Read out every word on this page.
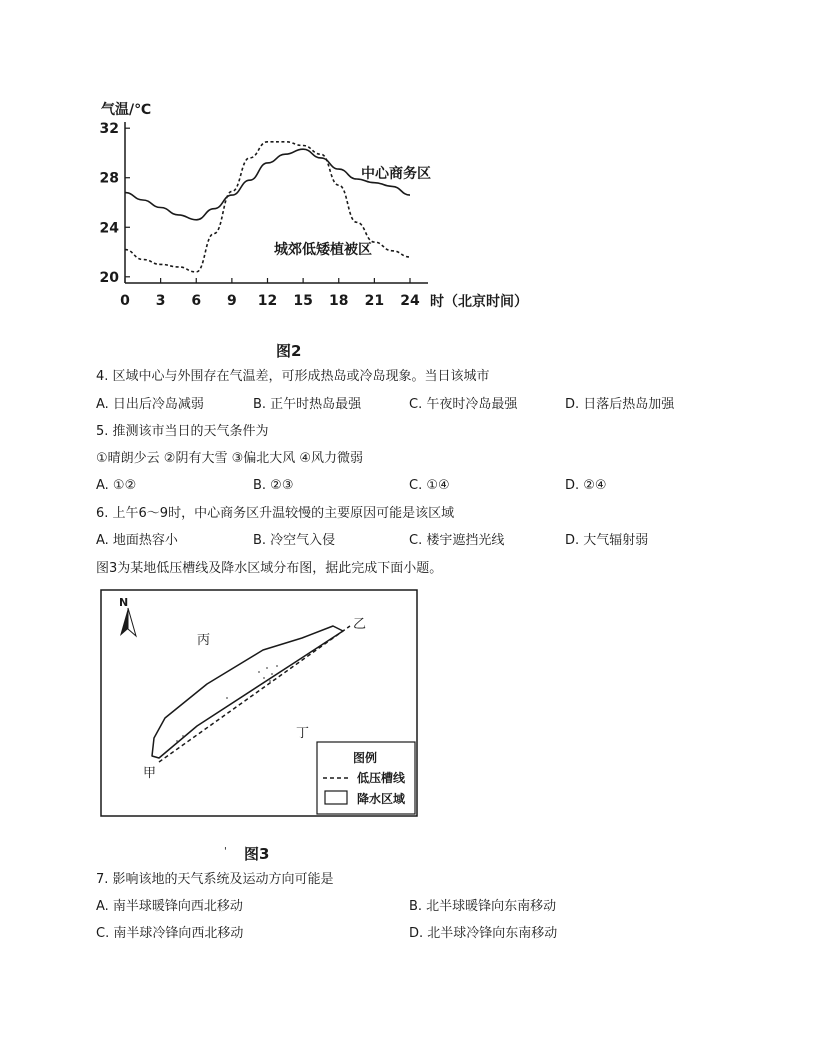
气温/℃
20
24
28
32
0 3 6 9 12 15 18 21 24 时（北京时间）
中心商务区
城郊低矮植被区
图2
4. 区域中心与外围存在气温差，可形成热岛或冷岛现象。当日该城市
A. 日出后冷岛减弱	B. 正午时热岛最强	C. 午夜时冷岛最强	D. 日落后热岛加强
5. 推测该市当日的天气条件为
①晴朗少云 ②阴有大雪 ③偏北大风 ④风力微弱
A. ①②	B. ②③	C. ①④	D. ②④
6. 上午6～9时，中心商务区升温较慢的主要原因可能是该区域
A. 地面热容小	B. 冷空气入侵	C. 楼宇遮挡光线	D. 大气辐射弱
图3为某地低压槽线及降水区域分布图，据此完成下面小题。
N
丙
乙
丁
甲
图例
低压槽线
降水区域
' 图3
7. 影响该地的天气系统及运动方向可能是
A. 南半球暖锋向西北移动	B. 北半球暖锋向东南移动
C. 南半球冷锋向西北移动	D. 北半球冷锋向东南移动
